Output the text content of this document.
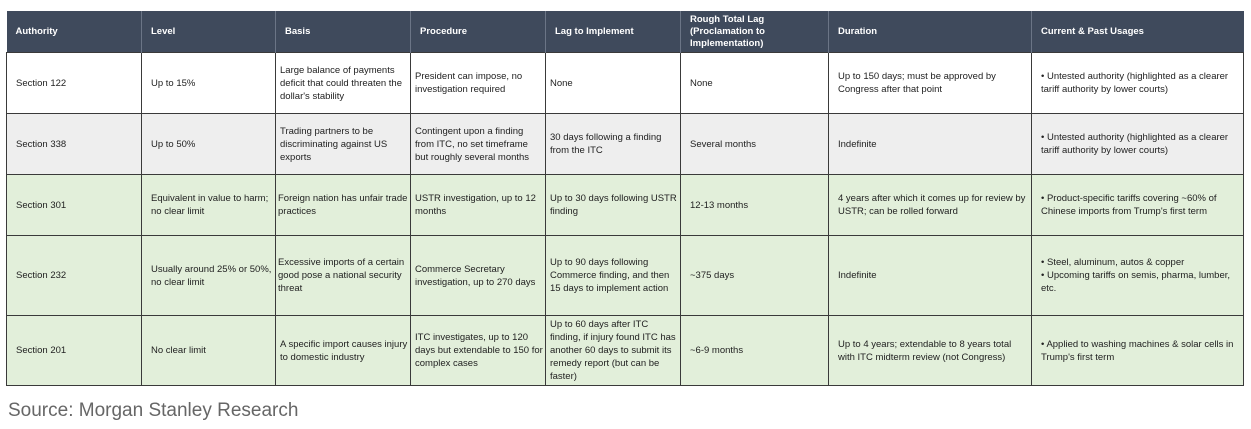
Authority	Level	Basis	Procedure	Lag to Implement	Rough Total Lag (Proclamation to Implementation)	Duration	Current & Past Usages
Section 122	Up to 15%	Large balance of payments deficit that could threaten the dollar's stability	President can impose, no investigation required	None	None	Up to 150 days; must be approved by Congress after that point	• Untested authority (highlighted as a clearer tariff authority by lower courts)

Section 338	Up to 50%	Trading partners to be discriminating against US exports	Contingent upon a finding from ITC, no set timeframe but roughly several months	30 days following a finding from the ITC	Several months	Indefinite	• Untested authority (highlighted as a clearer tariff authority by lower courts)

Section 301	Equivalent in value to harm; no clear limit	Foreign nation has unfair trade practices	USTR investigation, up to 12 months	Up to 30 days following USTR finding	12-13 months	4 years after which it comes up for review by USTR; can be rolled forward	• Product-specific tariffs covering ~60% of Chinese imports from Trump's first term

Section 232	Usually around 25% or 50%, no clear limit	Excessive imports of a certain good pose a national security threat	Commerce Secretary investigation, up to 270 days	Up to 90 days following Commerce finding, and then 15 days to implement action	~375 days	Indefinite	• Steel, aluminum, autos & copper
• Upcoming tariffs on semis, pharma, lumber, etc.

Section 201	No clear limit	A specific import causes injury to domestic industry	ITC investigates, up to 120 days but extendable to 150 for complex cases	Up to 60 days after ITC finding, if injury found ITC has another 60 days to submit its remedy report (but can be faster)	~6-9 months	Up to 4 years; extendable to 8 years total with ITC midterm review (not Congress)	• Applied to washing machines & solar cells in Trump's first term
Source: Morgan Stanley Research
